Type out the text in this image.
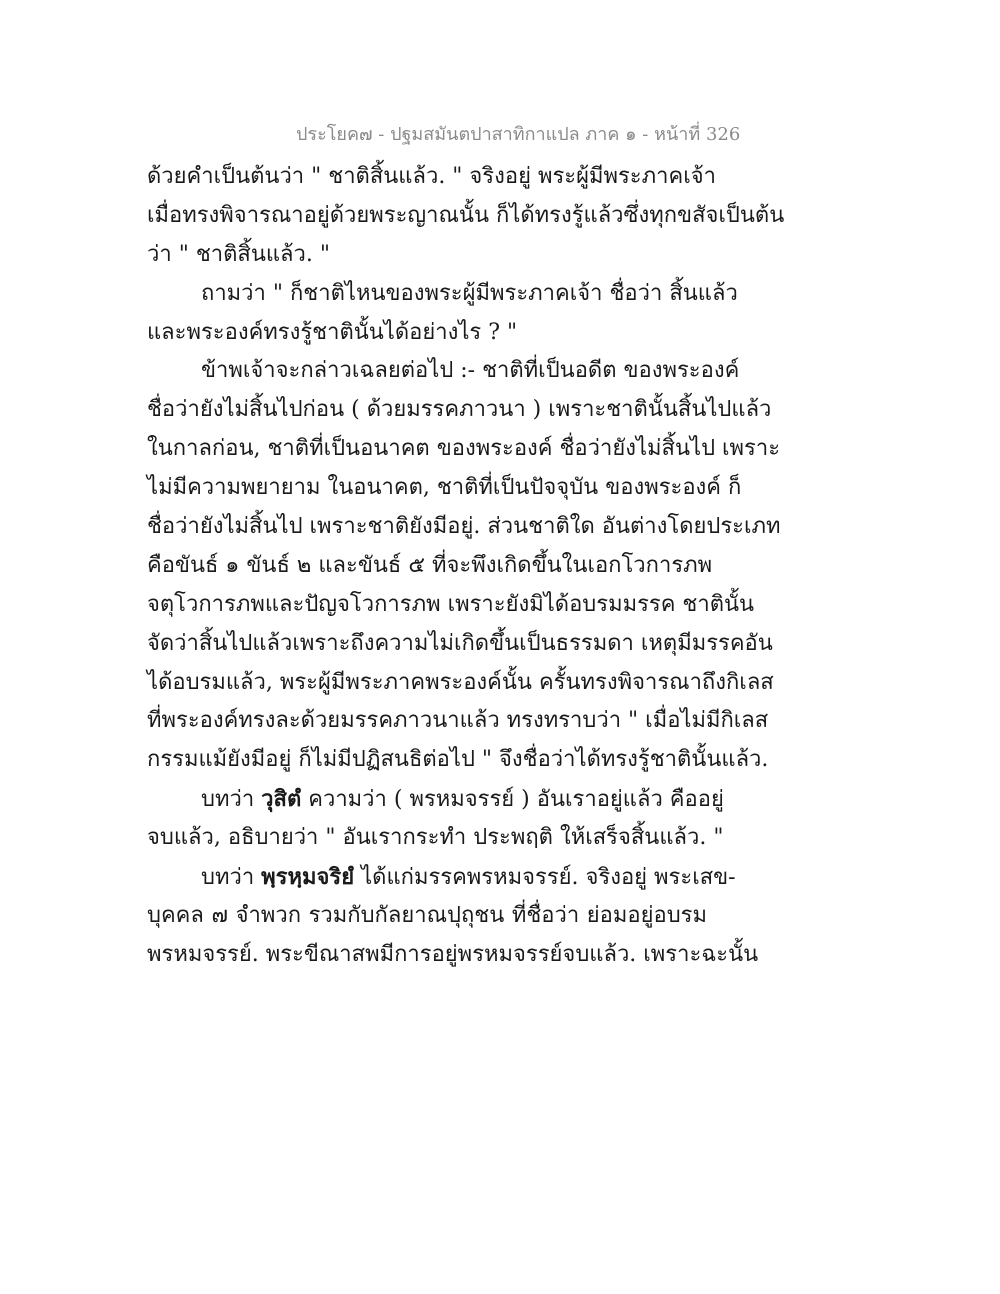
ประโยค๗ - ปฐมสมันตปาสาทิกาแปล ภาค ๑ - หน้าที่ 326
ด้วยคำเป็นต้นว่า " ชาติสิ้นแล้ว. " จริงอยู่ พระผู้มีพระภาคเจ้า
เมื่อทรงพิจารณาอยู่ด้วยพระญาณนั้น ก็ได้ทรงรู้แล้วซึ่งทุกขสัจเป็นต้น
ว่า " ชาติสิ้นแล้ว. "
ถามว่า " ก็ชาติไหนของพระผู้มีพระภาคเจ้า ชื่อว่า สิ้นแล้ว
และพระองค์ทรงรู้ชาตินั้นได้อย่างไร ? "
ข้าพเจ้าจะกล่าวเฉลยต่อไป :- ชาติที่เป็นอดีต ของพระองค์
ชื่อว่ายังไม่สิ้นไปก่อน ( ด้วยมรรคภาวนา ) เพราะชาตินั้นสิ้นไปแล้ว
ในกาลก่อน, ชาติที่เป็นอนาคต ของพระองค์ ชื่อว่ายังไม่สิ้นไป เพราะ
ไม่มีความพยายาม ในอนาคต, ชาติที่เป็นปัจจุบัน ของพระองค์ ก็
ชื่อว่ายังไม่สิ้นไป เพราะชาติยังมีอยู่. ส่วนชาติใด อันต่างโดยประเภท
คือขันธ์ ๑ ขันธ์ ๒ และขันธ์ ๕ ที่จะพึงเกิดขึ้นในเอกโวการภพ
จตุโวการภพและปัญจโวการภพ เพราะยังมิได้อบรมมรรค ชาตินั้น
จัดว่าสิ้นไปแล้วเพราะถึงความไม่เกิดขึ้นเป็นธรรมดา เหตุมีมรรคอัน
ได้อบรมแล้ว, พระผู้มีพระภาคพระองค์นั้น ครั้นทรงพิจารณาถึงกิเลส
ที่พระองค์ทรงละด้วยมรรคภาวนาแล้ว ทรงทราบว่า " เมื่อไม่มีกิเลส
กรรมแม้ยังมีอยู่ ก็ไม่มีปฏิสนธิต่อไป " จึงชื่อว่าได้ทรงรู้ชาตินั้นแล้ว.
บทว่า วุสิตํ ความว่า ( พรหมจรรย์ ) อันเราอยู่แล้ว คืออยู่
จบแล้ว, อธิบายว่า " อันเรากระทำ ประพฤติ ให้เสร็จสิ้นแล้ว. "
บทว่า พฺรหฺมจริยํ ได้แก่มรรคพรหมจรรย์. จริงอยู่ พระเสข-
บุคคล ๗ จำพวก รวมกับกัลยาณปุถุชน ที่ชื่อว่า ย่อมอยู่อบรม
พรหมจรรย์. พระขีณาสพมีการอยู่พรหมจรรย์จบแล้ว. เพราะฉะนั้น
